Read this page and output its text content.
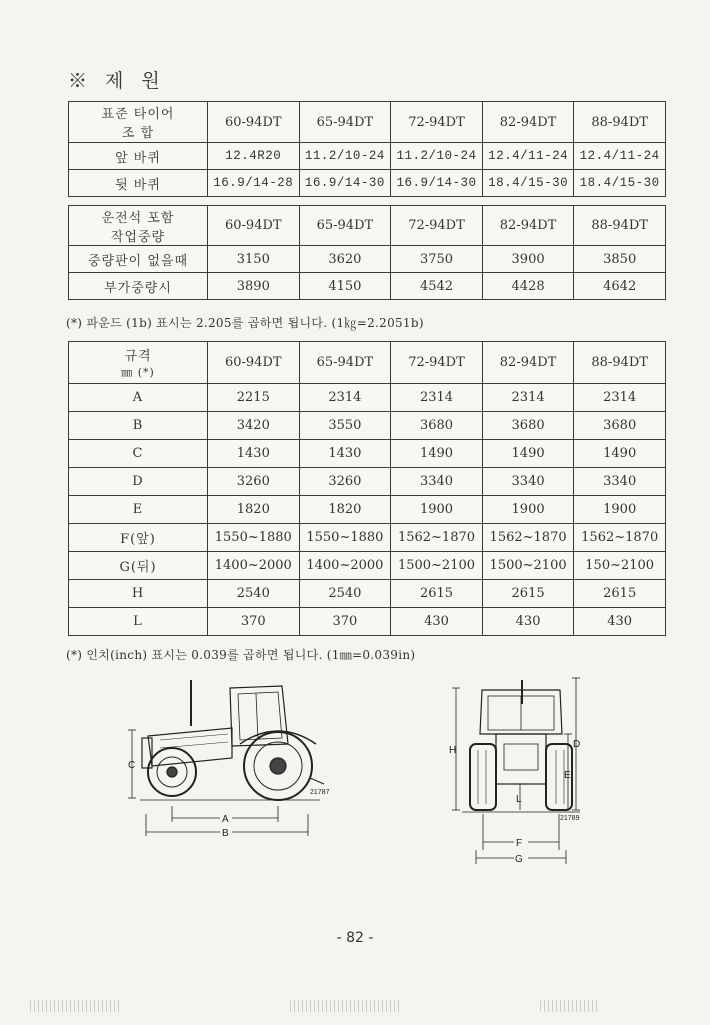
※ 제 원
표준 타이어
조 합	60-94DT	65-94DT	72-94DT	82-94DT	88-94DT
앞 바퀴	12.4R20	11.2/10-24	11.2/10-24	12.4/11-24	12.4/11-24
뒷 바퀴	16.9/14-28	16.9/14-30	16.9/14-30	18.4/15-30	18.4/15-30
운전석 포함
작업중량	60-94DT	65-94DT	72-94DT	82-94DT	88-94DT
중량판이 없을때	3150	3620	3750	3900	3850
부가중량시	3890	4150	4542	4428	4642
(*) 파운드 (1b) 표시는 2.205를 곱하면 됩니다. (1㎏=2.2051b)
규격
㎜ (*)	60-94DT	65-94DT	72-94DT	82-94DT	88-94DT
A	2215	2314	2314	2314	2314
B	3420	3550	3680	3680	3680
C	1430	1430	1490	1490	1490
D	3260	3260	3340	3340	3340
E	1820	1820	1900	1900	1900
F(앞)	1550~1880	1550~1880	1562~1870	1562~1870	1562~1870
G(뒤)	1400~2000	1400~2000	1500~2100	1500~2100	150~2100
H	2540	2540	2615	2615	2615
L	370	370	430	430	430
(*) 인치(inch) 표시는 0.039를 곱하면 됩니다. (1㎜=0.039in)
C
A
B
21787
H
D
E
L
F
G
21789
- 82 -
